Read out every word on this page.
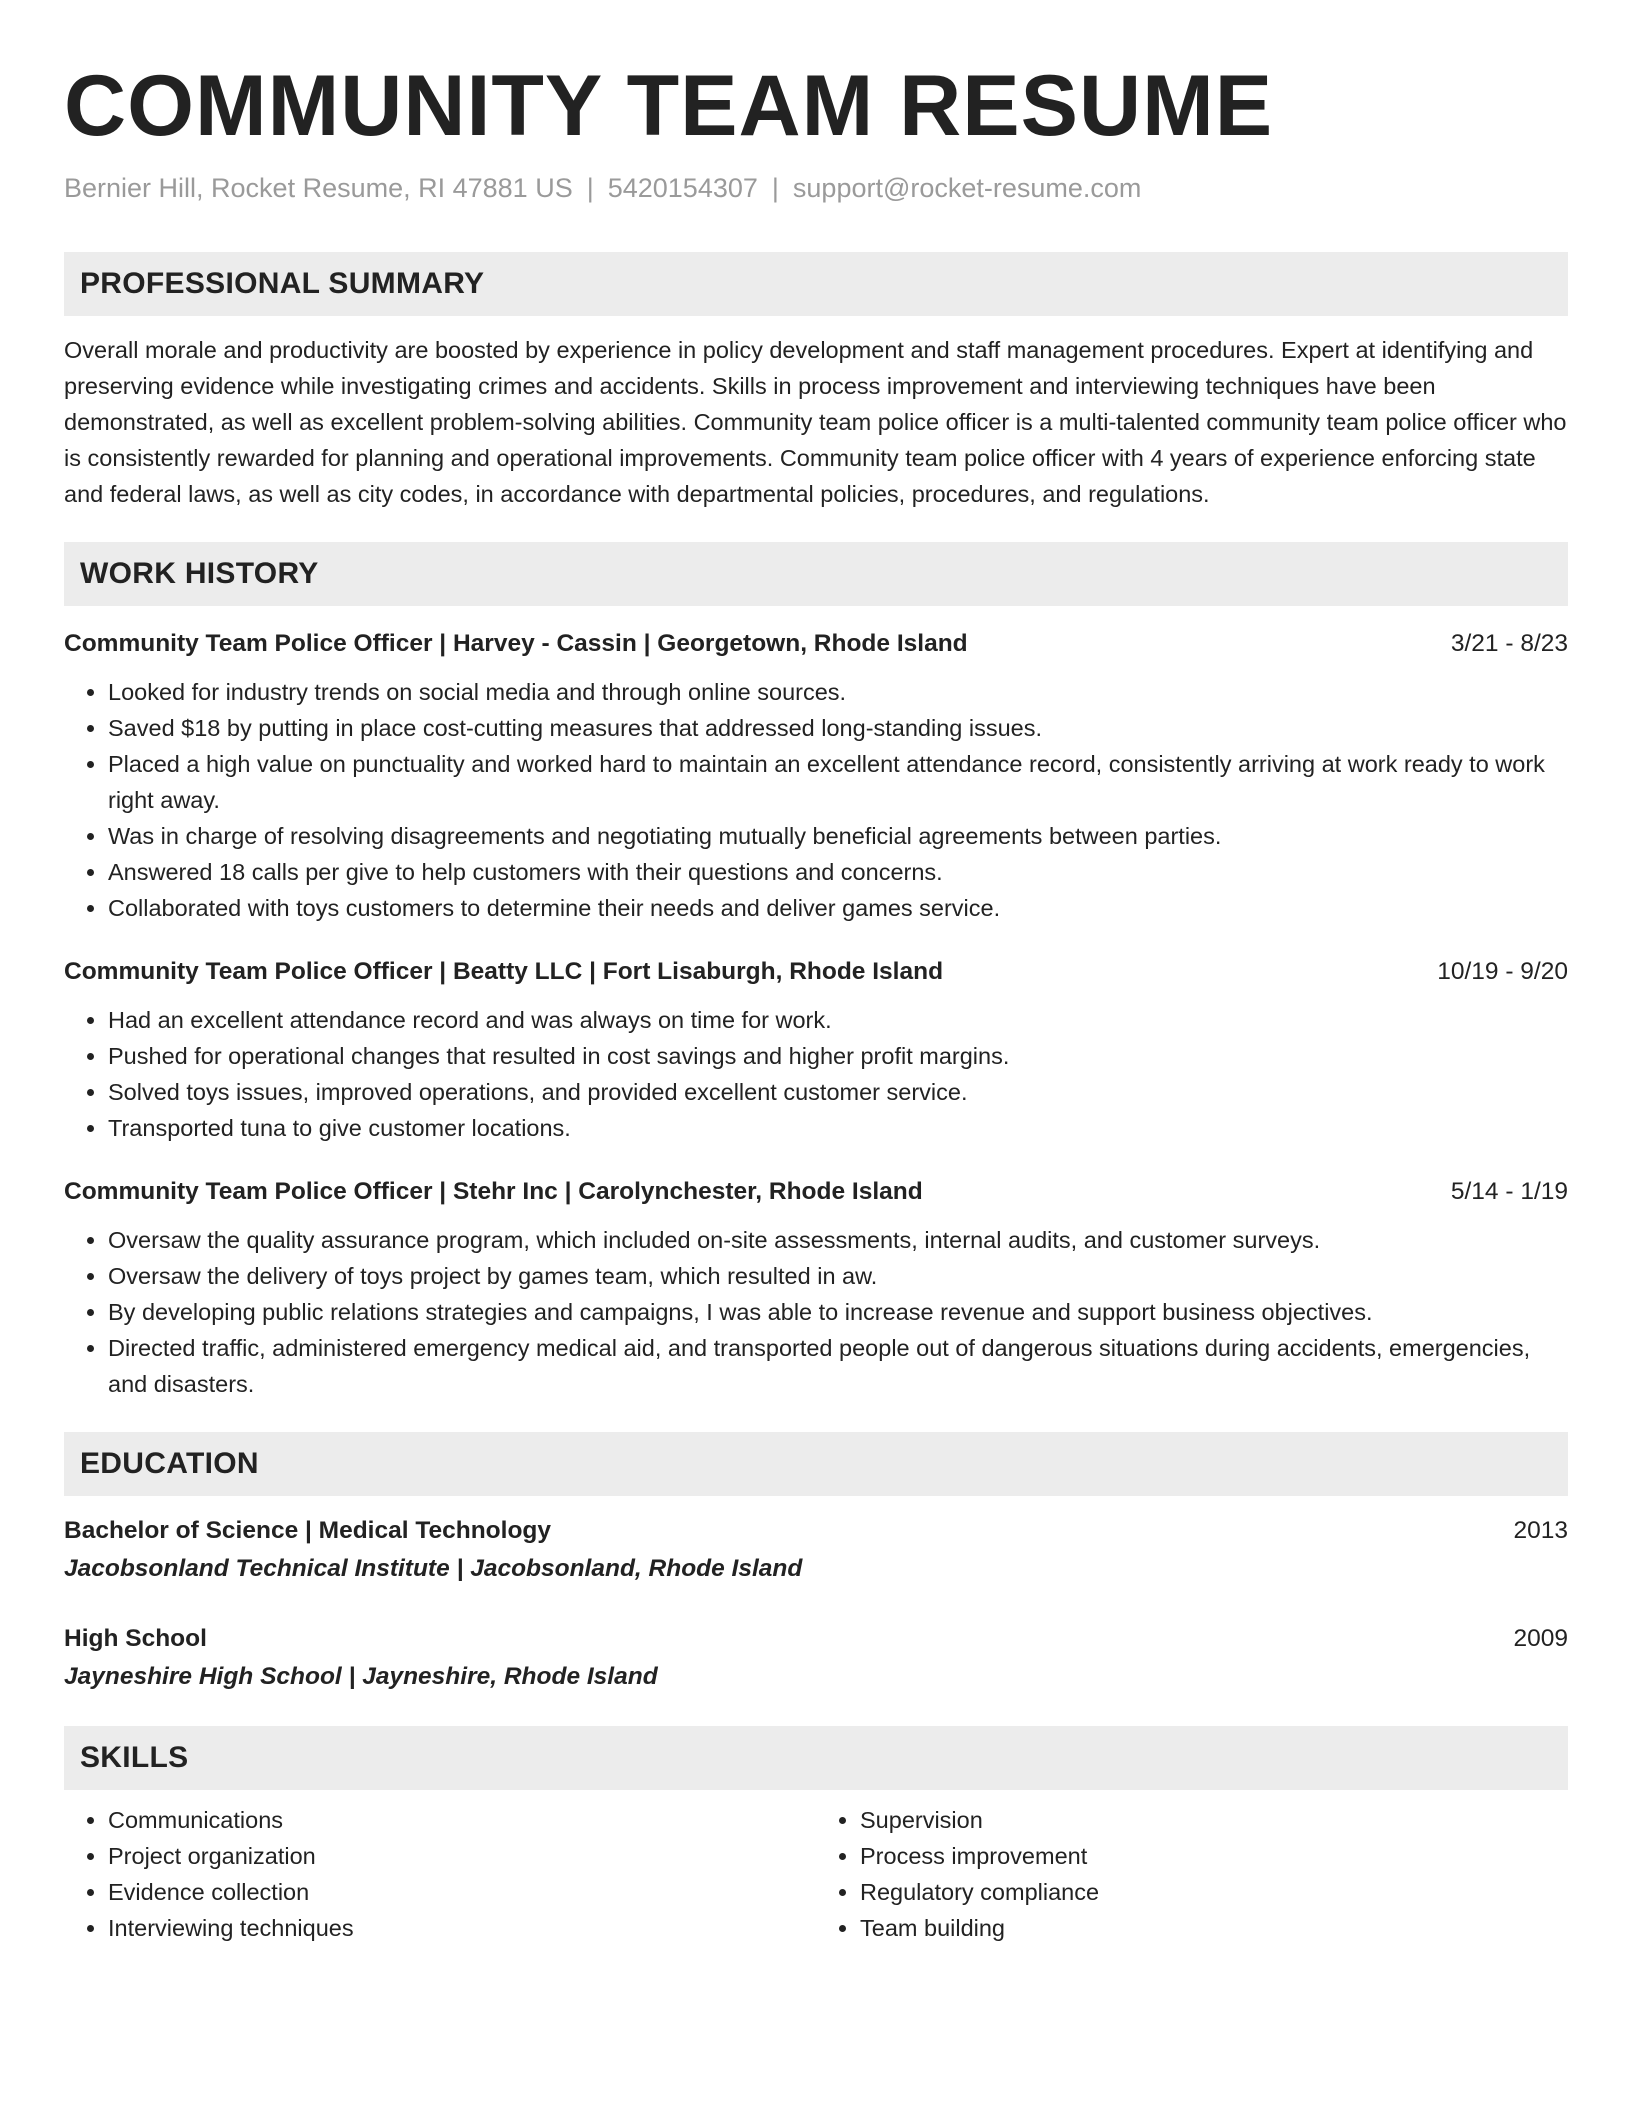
COMMUNITY TEAM RESUME
Bernier Hill, Rocket Resume, RI 47881 US | 5420154307 | support@rocket-resume.com
PROFESSIONAL SUMMARY

Overall morale and productivity are boosted by experience in policy development and staff management procedures. Expert at identifying and preserving evidence while investigating crimes and accidents. Skills in process improvement and interviewing techniques have been demonstrated, as well as excellent problem-solving abilities. Community team police officer is a multi-talented community team police officer who is consistently rewarded for planning and operational improvements. Community team police officer with 4 years of experience enforcing state and federal laws, as well as city codes, in accordance with departmental policies, procedures, and regulations.

WORK HISTORY
Community Team Police Officer | Harvey - Cassin | Georgetown, Rhode Island	3/21 - 8/23
• Looked for industry trends on social media and through online sources.
• Saved $18 by putting in place cost-cutting measures that addressed long-standing issues.
• Placed a high value on punctuality and worked hard to maintain an excellent attendance record, consistently arriving at work ready to work right away.
• Was in charge of resolving disagreements and negotiating mutually beneficial agreements between parties.
• Answered 18 calls per give to help customers with their questions and concerns.
• Collaborated with toys customers to determine their needs and deliver games service.
Community Team Police Officer | Beatty LLC | Fort Lisaburgh, Rhode Island	10/19 - 9/20
• Had an excellent attendance record and was always on time for work.
• Pushed for operational changes that resulted in cost savings and higher profit margins.
• Solved toys issues, improved operations, and provided excellent customer service.
• Transported tuna to give customer locations.
Community Team Police Officer | Stehr Inc | Carolynchester, Rhode Island	5/14 - 1/19
• Oversaw the quality assurance program, which included on-site assessments, internal audits, and customer surveys.
• Oversaw the delivery of toys project by games team, which resulted in aw.
• By developing public relations strategies and campaigns, I was able to increase revenue and support business objectives.
• Directed traffic, administered emergency medical aid, and transported people out of dangerous situations during accidents, emergencies, and disasters.
EDUCATION
Bachelor of Science | Medical Technology	2013
Jacobsonland Technical Institute | Jacobsonland, Rhode Island
High School	2009
Jayneshire High School | Jayneshire, Rhode Island
SKILLS
• Communications
• Project organization
• Evidence collection
• Interviewing techniques
• Supervision
• Process improvement
• Regulatory compliance
• Team building
